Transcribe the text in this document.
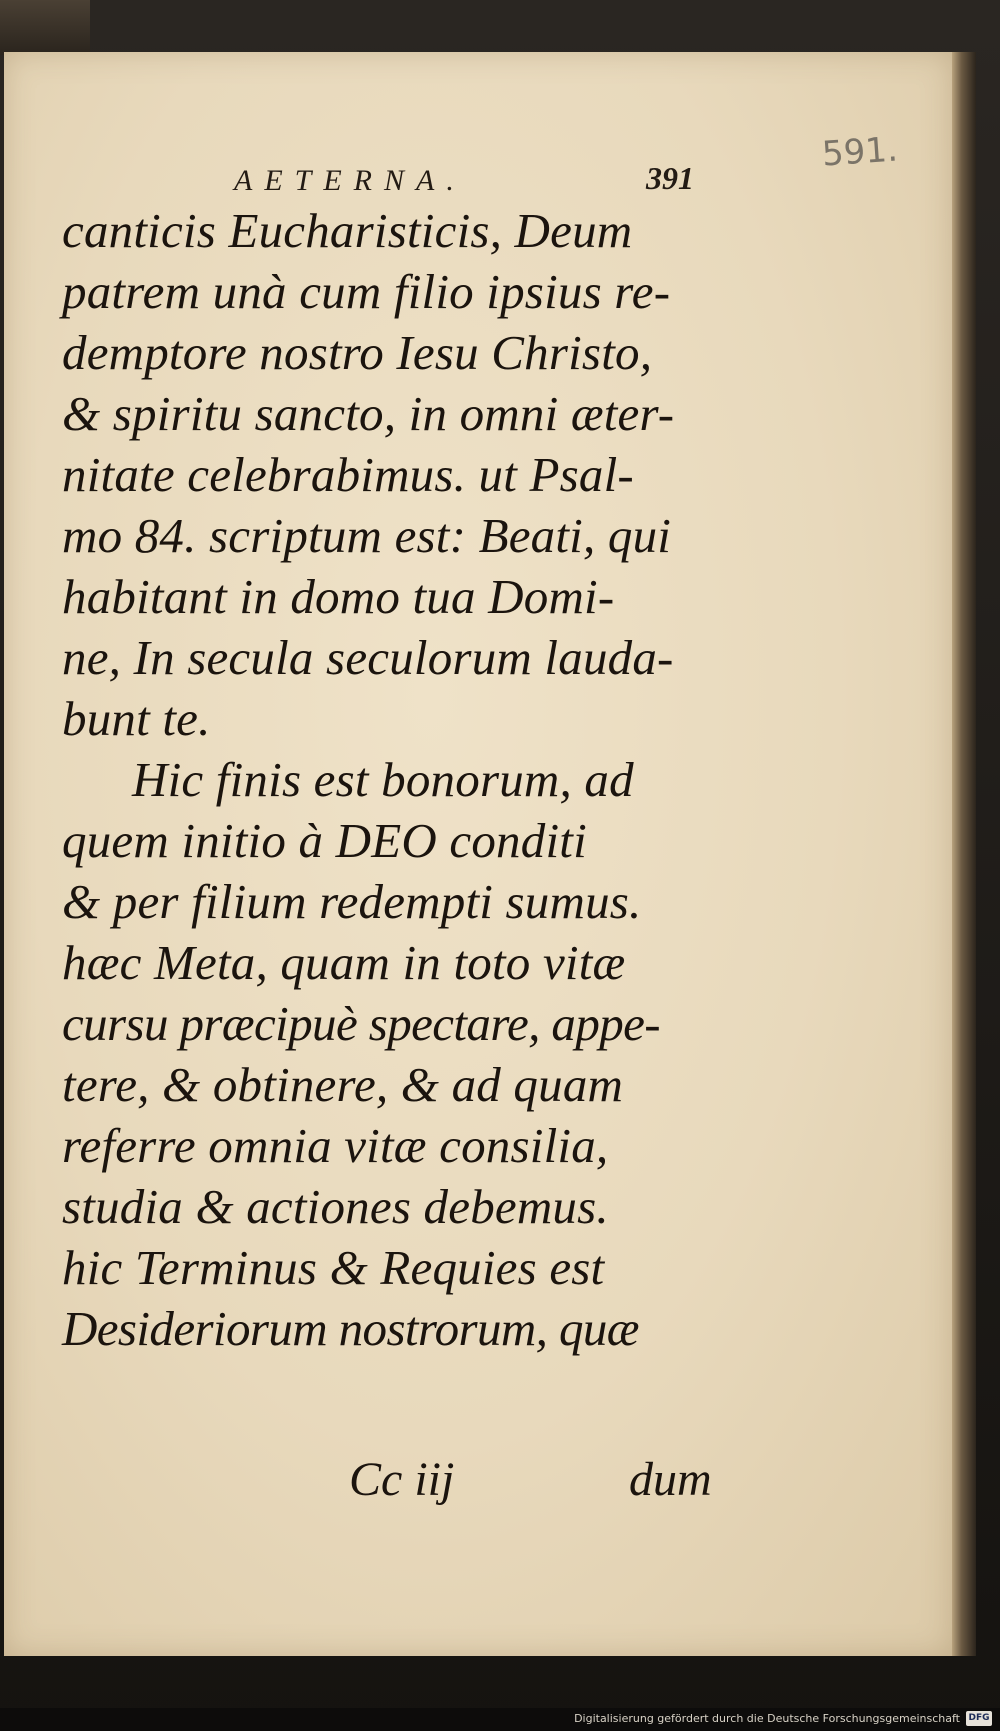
AETERNA.	391
591.
canticis Eucharisticis, Deum
patrem unà cum filio ipsius re-
demptore nostro Iesu Christo,
& spiritu sancto, in omni æter-
nitate celebrabimus. ut Psal-
mo 84. scriptum est: Beati, qui
habitant in domo tua Domi-
ne, In secula seculorum lauda-
bunt te.
Hic finis est bonorum, ad
quem initio à DEO conditi
& per filium redempti sumus.
hæc Meta, quam in toto vitæ
cursu præcipuè spectare, appe-
tere, & obtinere, & ad quam
referre omnia vitæ consilia,
studia & actiones debemus.
hic Terminus & Requies est
Desideriorum nostrorum, quæ
Cc iij	dum
Digitalisierung gefördert durch die Deutsche Forschungsgemeinschaft DFG
